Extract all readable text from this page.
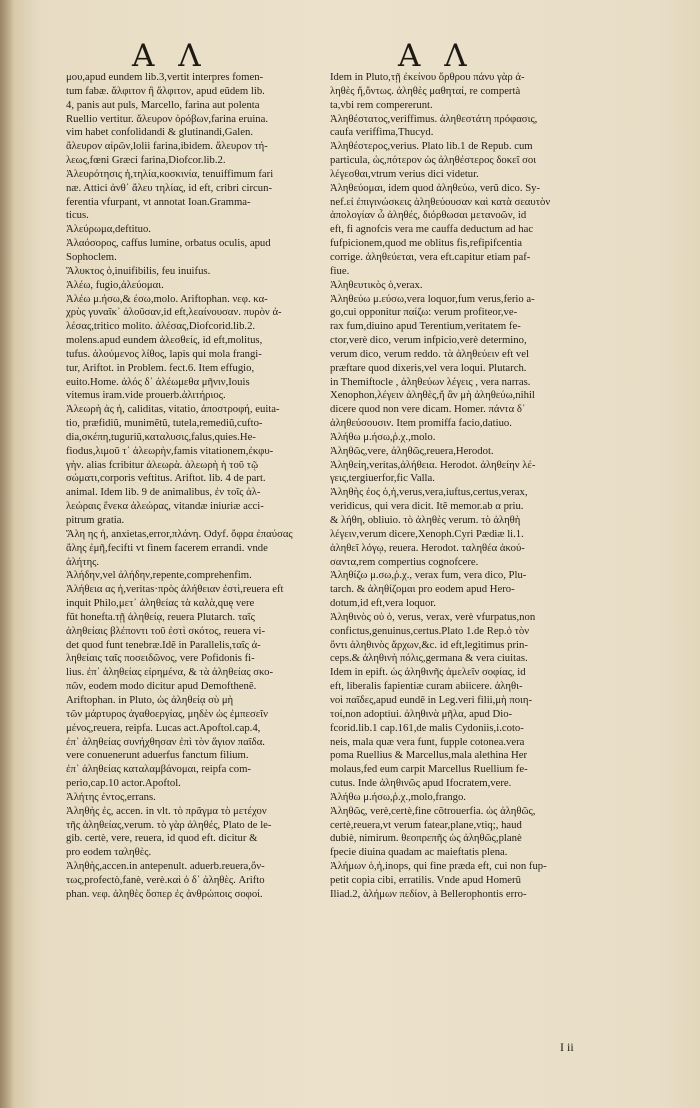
Α Λ	Α Λ
μου,apud eundem lib.3,vertit interpres fomen-
tum fabæ. ἄλφιτον ἢ ἄλφιτον, apud eũdem lib.
4, panis aut puls, Marcello, farina aut polenta
Ruellio vertitur. ἄλευρον ὀρόβων,farina eruina.
vim habet confolidandi & glutinandi,Galen.
ἄλευρον αἰρῶν,lolii farina,ibidem. ἄλευρον τή-
λεως,fœni Græci farina,Diofcor.lib.2.
Ἀλευρότησις ἡ,τηλία,κοσκινία, tenuiffimum fari
næ. Attici ἀνθ᾽ ἄλευ τηλίας, id eft, cribri circun-
ferentia vfurpant, vt annotat Ioan.Gramma-
ticus.
Ἀλεύρωμα,deftituo.
Ἀλαόσορος, caffus lumine, orbatus oculis, apud
Sophoclem.
Ἄλυκτος ὁ,inuifibilis, feu inuifus.
Ἀλέω, fugio,ἀλεύομαι.
Ἀλέω μ.ήσω,& έσω,molo. Ariftophan. νεφ. κα-
χρὺς γυναῖκ᾽ ἀλοῦσαν,id eft,λεαίνουσαν. πυρὸν ἀ-
λέσας,tritico molito. ἀλέσας,Diofcorid.lib.2.
molens.apud eundem ἀλεσθείς, id eft,molitus,
tufus. ἀλούμενος λίθος, lapis qui mola frangi-
tur, Ariftot. in Problem. fect.6. Item effugio,
euito.Home. ἀλός δ᾽ ἀλέωμεθα μῆνιν,Iouis
vitemus iram.vide prouerb.ἀλιτήριος.
Ἀλεωρὴ ἀς ἡ, caliditas, vitatio, ἀποστροφή, euita-
tio, præfidiũ, munimẽtũ, tutela,remediũ,cufto-
dia,σκέπη,tuguriũ,καταλυσις,falus,quies.He-
fiodus,λιμοῦ τ᾽ ἀλεωρὴν,famis vitationem,ἐκφυ-
γὴν. alias fcribitur ἀλεωρὰ. ἀλεωρὴ ἡ τοῦ τῷ
σώματι,corporis veftitus. Ariftot. lib. 4 de part.
animal. Idem lib. 9 de animalibus, ἐν τοῖς ἀλ-
λεώραις ἕνεκα ἀλεώρας, vitandæ iniuriæ acci-
pitrum gratia.
Ἄλη ης ἡ, anxietas,error,πλάνη. Odyf. ὄφρα ἐπαύσας
ἄλης ἐμῆ,fecifti vt finem facerem errandi. vnde
ἀλήτης.
Ἀλήδην,vel ἀλήδην,repente,comprehenfim.
Ἀλήθεια ας ἡ,veritas·πρὸς ἀλήθειαν ἐστὶ,reuera eft
inquit Philo,μετ᾽ ἀληθείας τὰ καλὰ,quę vere
fũt honefta.τῇ ἀληθείᾳ, reuera Plutarch. ταῖς
ἀληθείαις βλέποντι τοῦ ἐστὶ σκότος, reuera vi-
det quod funt tenebræ.Idẽ in Parallelis,ταῖς ἀ-
ληθείαις ταῖς ποσειδῶνος, vere Pofidonis fi-
lius. ἐπ᾽ ἀληθείας εἰρημένα, & τὰ ἀληθείας σκο-
πῶν, eodem modo dicitur apud Demofthenẽ.
Ariftophan. in Pluto, ὡς ἀληθείᾳ σὺ μὴ
τῶν μάρτυρος ἀγαθοεργίας, μηδὲν ὡς ἐμπεσεῖν
μένος,reuera, reipfa. Lucas act.Apoftol.cap.4,
ἐπ᾽ ἀληθείας συνήχθησαν ἐπὶ τὸν ἅγιον παῖδα.
vere conuenerunt aduerfus fanctum filium.
ἐπ᾽ ἀληθείας καταλαμβάνομαι, reipfa com-
perio,cap.10 actor.Apoftol.
Ἀλήτης ἐντος,errans.
Ἀληθὴς ἐς, accen. in vlt. τὸ πρᾶγμα τὸ μετέχον
τῆς ἀληθείας,verum. τὸ γὰρ ἀληθές, Plato de le-
gib. certè, vere, reuera, id quod eft. dicitur &
pro eodem ταληθὲς.
Ἀληθὴς,accen.in antepenult. aduerb.reuera,ὄν-
τως,profectò,fanè, verè.καὶ ὁ δ᾽ ἀληθὲς. Arifto
phan. νεφ. ἀληθὲς ὅσπερ ἐς ἀνθρώποις σοφοί.
Idem in Pluto,τῇ ἐκείνου ὄρθρου πάνυ γὰρ ἀ-
ληθὲς ἤ,ὄντως. ἀληθὲς μαθηταί, re compertà
ta,vbi rem compererunt.
Ἀληθέστατος,veriffimus. ἀληθεστάτη πρόφασις,
caufa veriffima,Thucyd.
Ἀληθέστερος,verius. Plato lib.1 de Repub. cum
particula, ὡς,πότερον ὡς ἀληθέστερος δοκεῖ σοι
λέγεσθαι,vtrum verius dici videtur.
Ἀληθεύομαι, idem quod ἀληθεύω, verũ dico. Sy-
nef.εἰ ἐπιγινώσκεις ἀληθεύουσαν καὶ κατὰ σεαυτὸν
ἀπολογίαν ὦ ἀληθές, διόρθωσαι μετανοῶν, id
eft, fi agnofcis vera me cauffa deductum ad hac
fufpicionem,quod me oblitus fis,refipifcentia
corrige. ἀληθεύεται, vera eft.capitur etiam paf-
fiue.
Ἀληθευτικὸς ὁ,verax.
Ἀληθεύω μ.εύσω,vera loquor,fum verus,ferio a-
go,cui opponitur παίζω: verum profiteor,ve-
rax fum,diuino apud Terentium,veritatem fe-
ctor,verè dico, verum infpicio,verè determino,
verum dico, verum reddo. τὰ ἀληθεύειν eft vel
præftare quod dixeris,vel vera loqui. Plutarch.
in Themiftocle , ἀληθεύων λέγεις , vera narras.
Xenophon,λέγειν ἀληθὲς,ἤ ἂν μὴ ἀληθεύω,nihil
dicere quod non vere dicam. Homer. πάντα δ᾽
ἀληθεύσουσιν. Item promiffa facio,datiuo.
Ἀλήθω μ.ήσω,ῥ.χ.,molo.
Ἀληθῶς,vere, ἀληθῶς,reuera,Herodot.
Ἀληθείη,veritas,ἀλήθεια. Herodot. ἀληθείην λέ-
γεις,tergiuerfor,fic Valla.
Ἀληθὴς ἐος ὁ,ἡ,verus,vera,iuftus,certus,verax,
veridicus, qui vera dicit. Itẽ memor.ab α priu.
& λήθη, obliuio. τὸ ἀληθὲς verum. τὸ ἀληθὴ
λέγειν,verum dicere,Xenoph.Cyri Pædiæ li.1.
ἀληθεῖ λόγῳ, reuera. Herodot. ταληθέα ἀκού-
σαντα,rem compertius cognofcere.
Ἀληθίζω μ.σω,ῥ.χ., verax fum, vera dico, Plu-
tarch. & ἀληθίζομαι pro eodem apud Hero-
dotum,id eft,vera loquor.
Ἀληθινὸς οὐ ὁ, verus, verax, verè vfurpatus,non
confictus,genuinus,certus.Plato 1.de Rep.ὁ τὸν
ὄντι ἀληθινὸς ἄρχων,&c. id eft,legitimus prin-
ceps.& ἀληθινὴ πόλις,germana & vera ciuitas.
Idem in epift. ὡς ἀληθινῆς ἀμελεῖν σοφίας, id
eft, liberalis fapientiæ curam abiicere. ἀληθι-
νοὶ παῖδες,apud eundẽ in Leg.veri filii,μὴ ποιη-
τοί,non adoptiui. ἀληθινὰ μῆλα, apud Dio-
fcorid.lib.1 cap.161,de malis Cydoniis,i.coto-
neis, mala quæ vera funt, fupple cotonea.vera
poma Ruellius & Marcellus,mala alethina Her
molaus,fed eum carpit Marcellus Ruellium fe-
cutus. Inde ἀληθινῶς apud Ifocratem,vere.
Ἀλήθω μ.ήσω,ῥ.χ.,molo,frango.
Ἀληθῶς, verè,certè,fine cõtrouerfia. ὡς ἀληθῶς,
certè,reuera,vt verum fatear,plane,vtiq;, haud
dubiè, nimirum. θεοπρεπῆς ὡς ἀληθῶς,planè
fpecie diuina quadam ac maieftatis plena.
Ἀλήμων ὁ,ἡ,inops, qui fine præda eft, cui non fup-
petit copia cibi, erratilis. Vnde apud Homerũ
Iliad.2, ἀλήμων πεδίον, à Bellerophontis erro-
I ii
